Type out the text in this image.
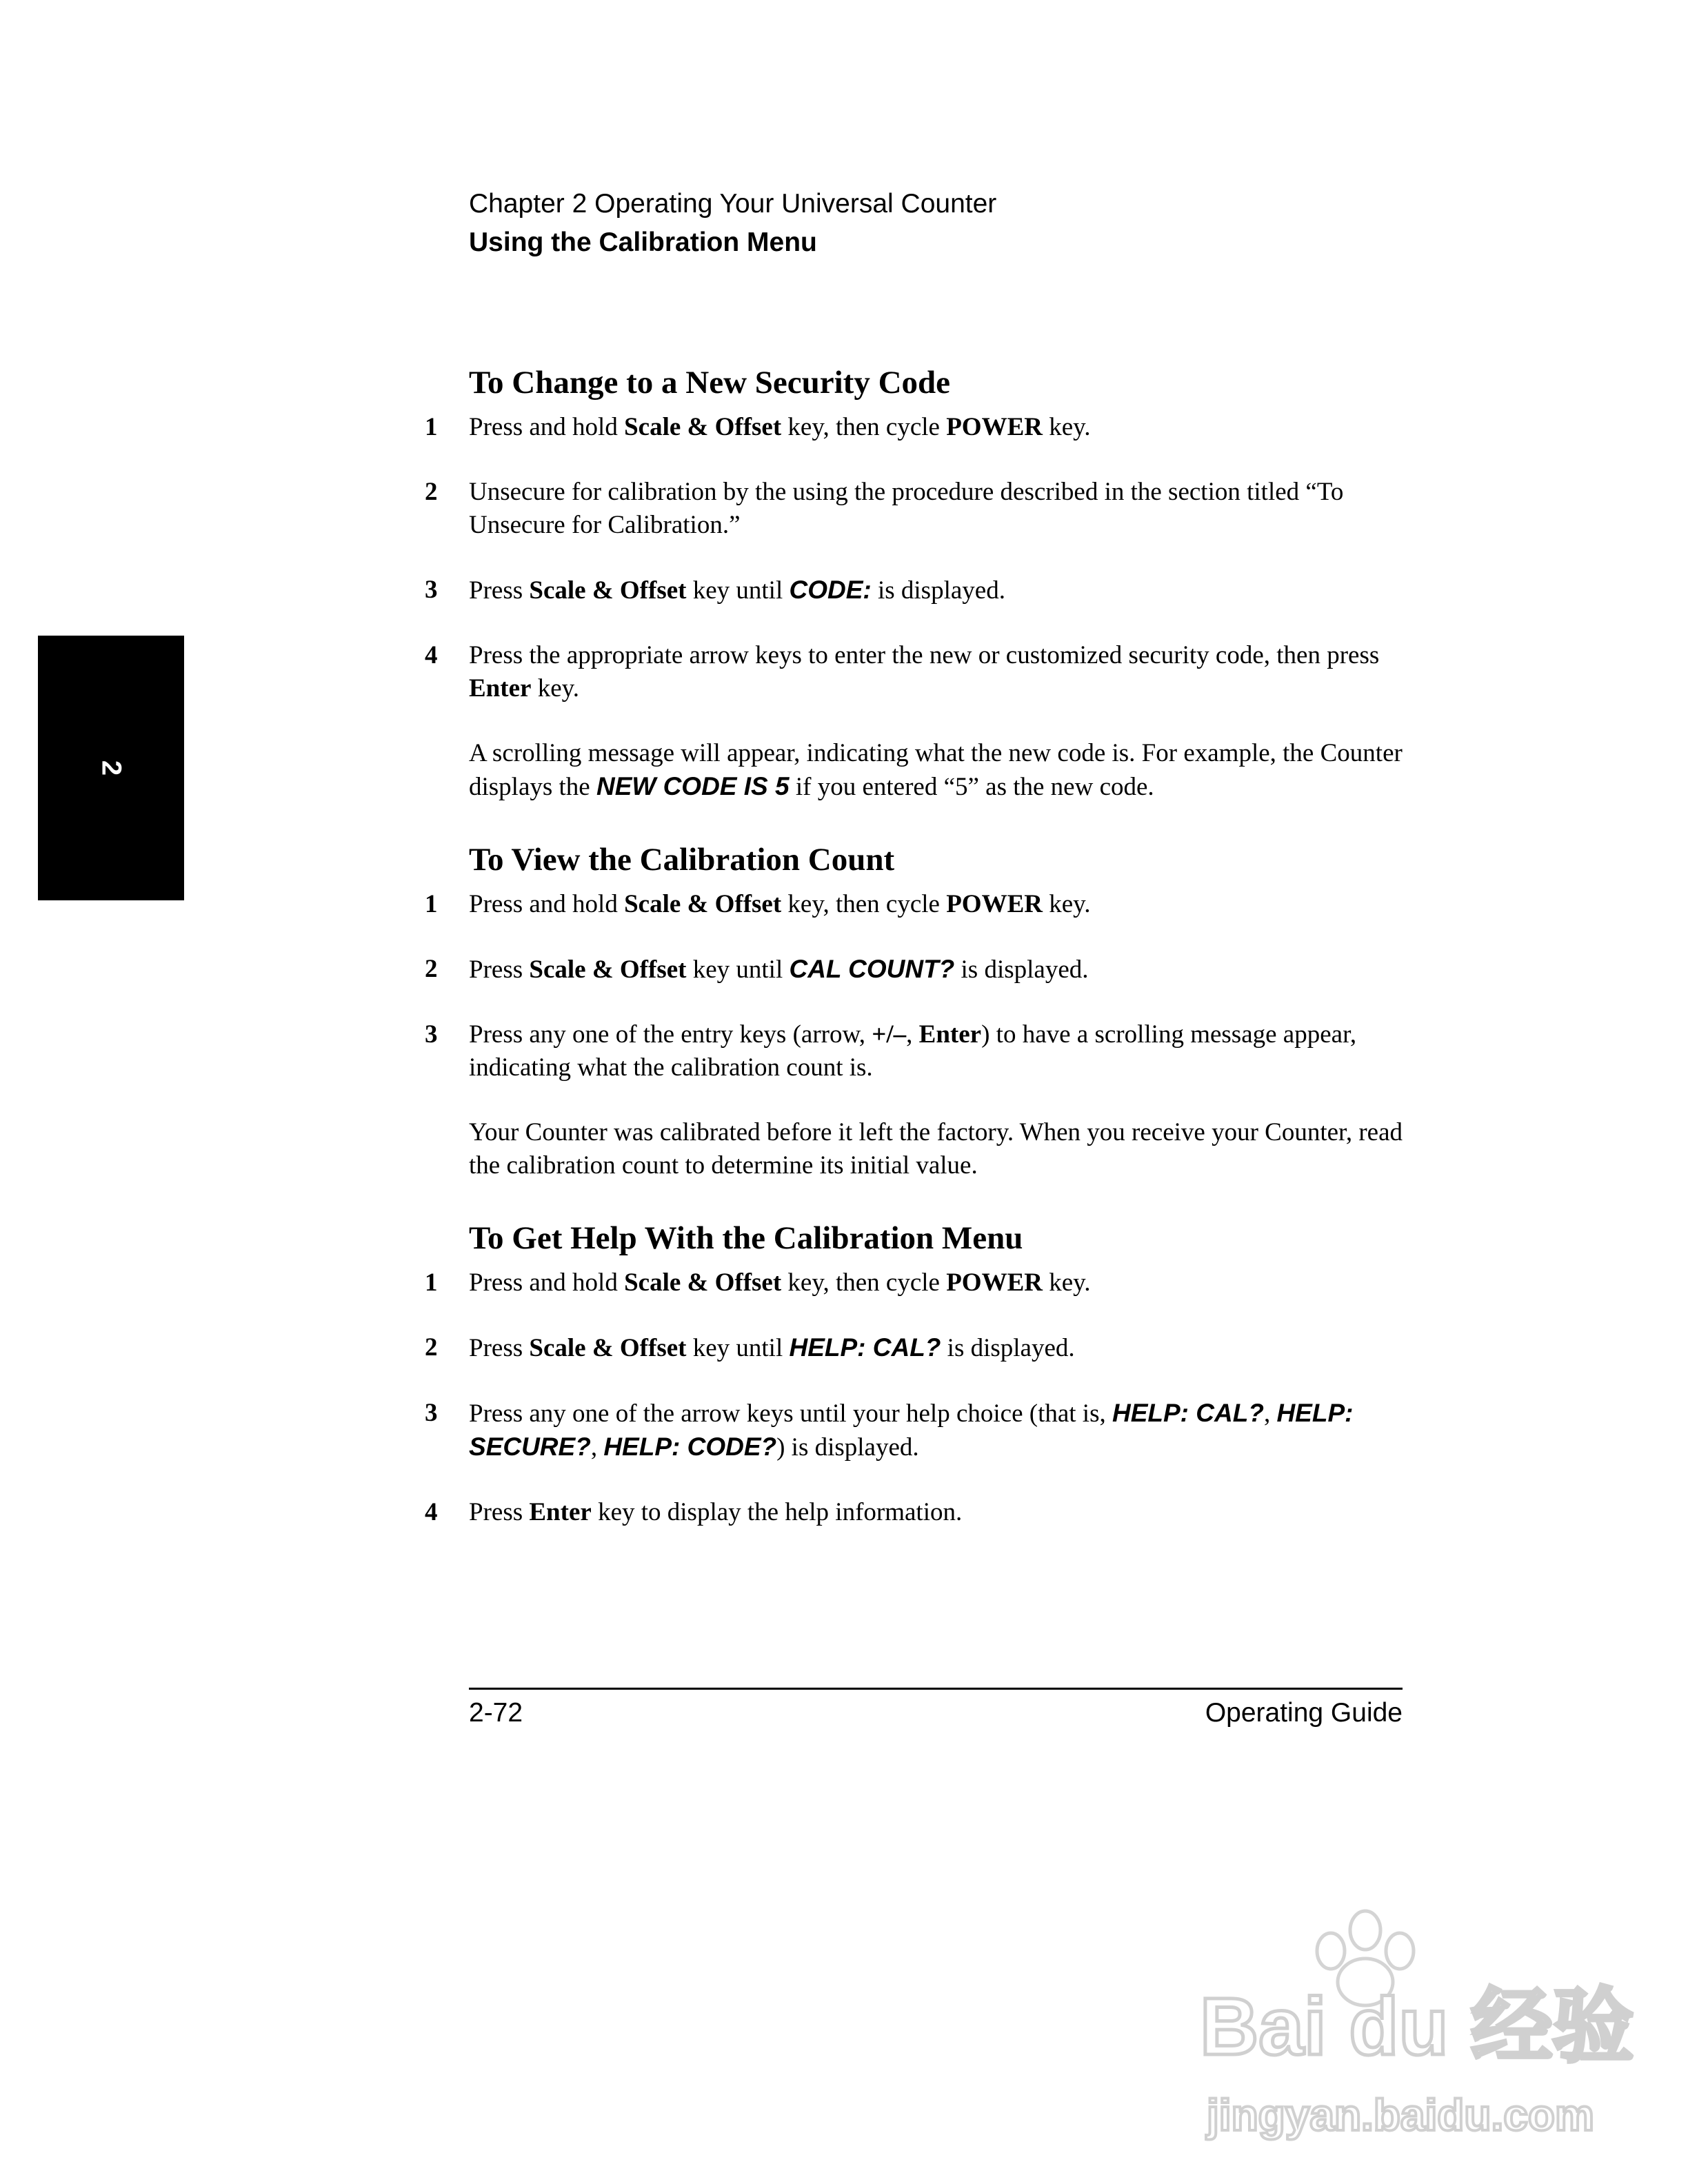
Chapter 2 Operating Your Universal Counter
Using the Calibration Menu
2
To Change to a New Security Code
1 Press and hold Scale & Offset key, then cycle POWER key.
2 Unsecure for calibration by the using the procedure described in the section titled “To Unsecure for Calibration.”
3 Press Scale & Offset key until CODE: is displayed.
4 Press the appropriate arrow keys to enter the new or customized security code, then press Enter key.
A scrolling message will appear, indicating what the new code is. For example, the Counter displays the NEW CODE IS 5 if you entered “5” as the new code.
To View the Calibration Count
1 Press and hold Scale & Offset key, then cycle POWER key.
2 Press Scale & Offset key until CAL COUNT? is displayed.
3 Press any one of the entry keys (arrow, +/–, Enter) to have a scrolling message appear, indicating what the calibration count is.
Your Counter was calibrated before it left the factory. When you receive your Counter, read the calibration count to determine its initial value.
To Get Help With the Calibration Menu
1 Press and hold Scale & Offset key, then cycle POWER key.
2 Press Scale & Offset key until HELP: CAL? is displayed.
3 Press any one of the arrow keys until your help choice (that is, HELP: CAL?, HELP: SECURE?, HELP: CODE?) is displayed.
4 Press Enter key to display the help information.
2-72	Operating Guide
Bai du 经验
jingyan.baidu.com
